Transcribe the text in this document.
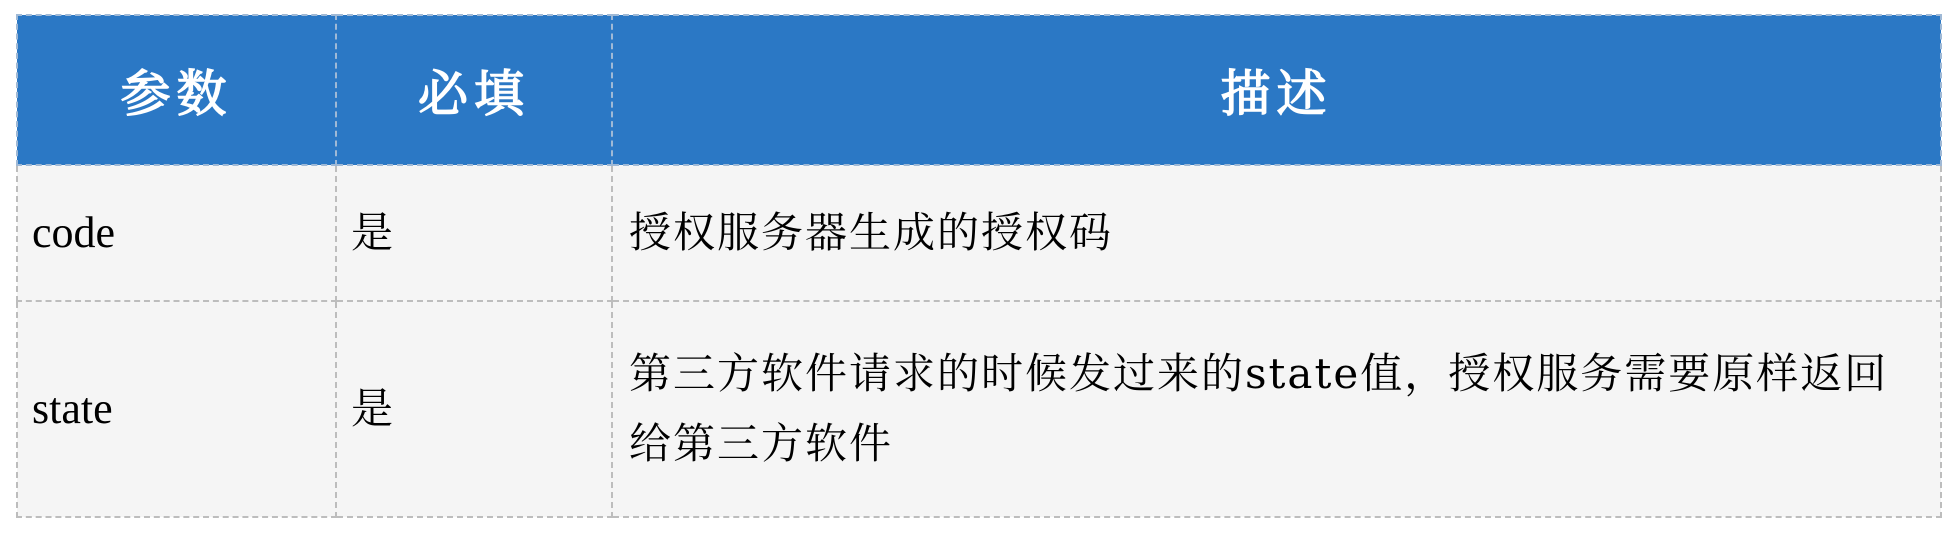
参数	必填	描述
code	是	授权服务器生成的授权码
state	是	第三方软件请求的时候发过来的state值，授权服务需要原样返回给第三方软件
